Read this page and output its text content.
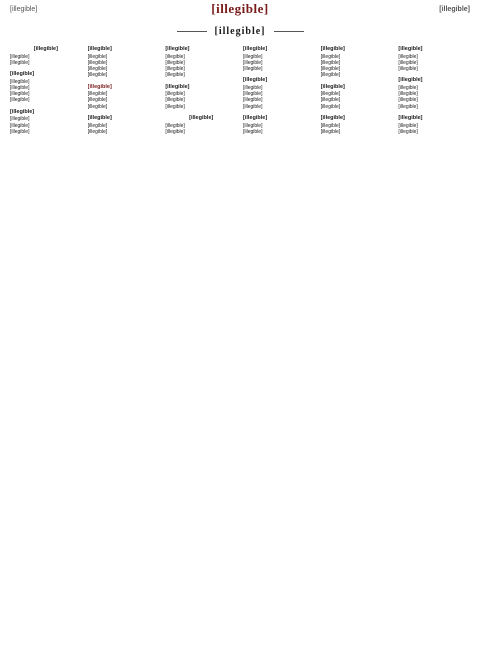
[illegible]	[illegible]	[illegible]
[illegible]
[illegible]
[illegible]
[illegible]
[illegible]
[illegible]
[illegible]
[illegible]
[illegible]
[illegible]
[illegible]
[illegible]
[illegible]
[illegible]
[illegible]
[illegible]
[illegible]
[illegible]
[illegible]
[illegible]
[illegible]
[illegible]
[illegible]
[illegible]
[illegible]
[illegible]
[illegible]
[illegible]
[illegible]
[illegible]
[illegible]
[illegible]
[illegible]
[illegible]
[illegible]
[illegible]
[illegible]
[illegible]
[illegible]
[illegible]
[illegible]
[illegible]
[illegible]
[illegible]
[illegible]
[illegible]
[illegible]
[illegible]
[illegible]
[illegible]
[illegible]
[illegible]
[illegible]
[illegible]
[illegible]
[illegible]
[illegible]
[illegible]
[illegible]
[illegible]
[illegible]
[illegible]
[illegible]
[illegible]
[illegible]
[illegible]
[illegible]
[illegible]
[illegible]
[illegible]
[illegible]
[illegible]
[illegible]
